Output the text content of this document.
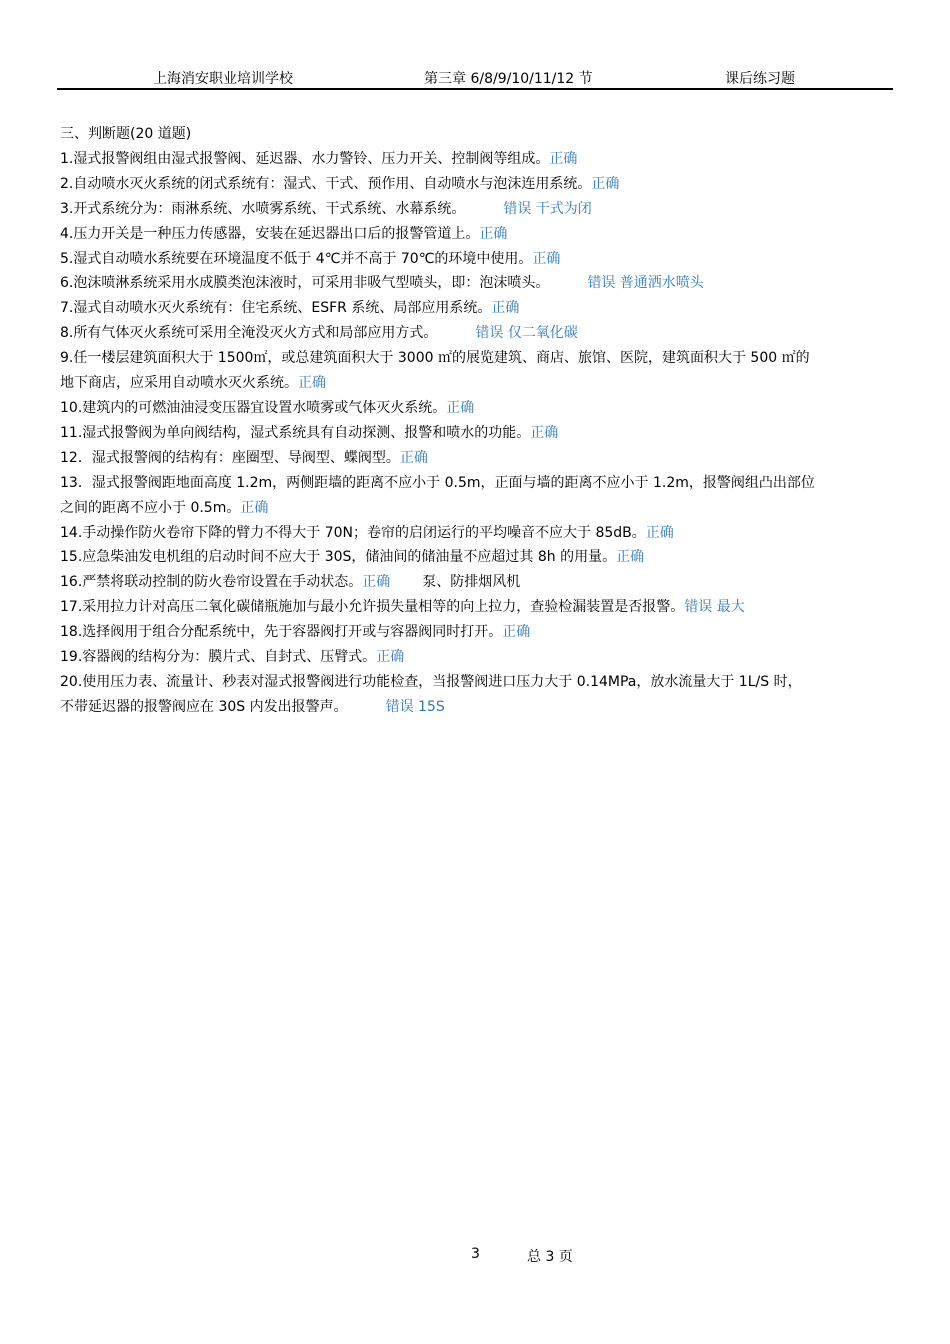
上海消安职业培训学校	第三章 6/8/9/10/11/12 节	课后练习题
三、判断题(20 道题)
1.湿式报警阀组由湿式报警阀、延迟器、水力警铃、压力开关、控制阀等组成。正确
2.自动喷水灭火系统的闭式系统有：湿式、干式、预作用、自动喷水与泡沫连用系统。正确
3.开式系统分为：雨淋系统、水喷雾系统、干式系统、水幕系统。	错误 干式为闭
4.压力开关是一种压力传感器，安装在延迟器出口后的报警管道上。正确
5.湿式自动喷水系统要在环境温度不低于 4℃并不高于 70℃的环境中使用。正确
6.泡沫喷淋系统采用水成膜类泡沫液时，可采用非吸气型喷头，即：泡沫喷头。	错误 普通洒水喷头
7.湿式自动喷水灭火系统有：住宅系统、ESFR 系统、局部应用系统。正确
8.所有气体灭火系统可采用全淹没灭火方式和局部应用方式。	错误 仅二氧化碳
9.任一楼层建筑面积大于 1500㎡，或总建筑面积大于 3000 ㎡的展览建筑、商店、旅馆、医院，建筑面积大于 500 ㎡的
地下商店，应采用自动喷水灭火系统。正确
10.建筑内的可燃油油浸变压器宜设置水喷雾或气体灭火系统。正确
11.湿式报警阀为单向阀结构，湿式系统具有自动探测、报警和喷水的功能。正确
12．湿式报警阀的结构有：座圈型、导阀型、蝶阀型。正确
13．湿式报警阀距地面高度 1.2m，两侧距墙的距离不应小于 0.5m，正面与墙的距离不应小于 1.2m，报警阀组凸出部位
之间的距离不应小于 0.5m。正确
14.手动操作防火卷帘下降的臂力不得大于 70N；卷帘的启闭运行的平均噪音不应大于 85dB。正确
15.应急柴油发电机组的启动时间不应大于 30S，储油间的储油量不应超过其 8h 的用量。正确
16.严禁将联动控制的防火卷帘设置在手动状态。正确 泵、防排烟风机
17.采用拉力计对高压二氧化碳储瓶施加与最小允许损失量相等的向上拉力，查验检漏装置是否报警。错误 最大
18.选择阀用于组合分配系统中，先于容器阀打开或与容器阀同时打开。正确
19.容器阀的结构分为：膜片式、自封式、压臂式。正确
20.使用压力表、流量计、秒表对湿式报警阀进行功能检查，当报警阀进口压力大于 0.14MPa，放水流量大于 1L/S 时，
不带延迟器的报警阀应在 30S 内发出报警声。	错误 15S
3	总 3 页
